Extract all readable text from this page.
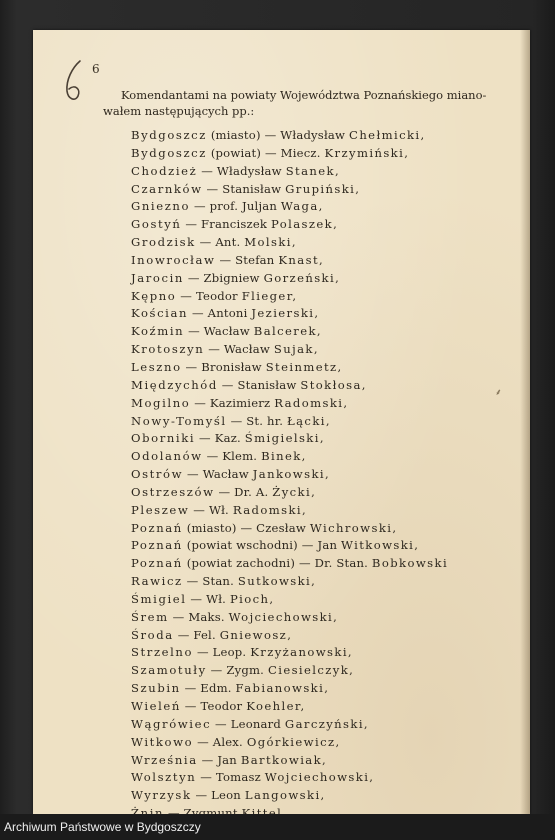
6

Komendantami na powiaty Województwa Poznańskiego miano-
wałem następujących pp.:

Bydgoszcz (miasto) — Władysław Chełmicki,
Bydgoszcz (powiat) — Miecz. Krzymiński,
Chodzież — Władysław Stanek,
Czarnków — Stanisław Grupiński,
Gniezno — prof. Juljan Waga,
Gostyń — Franciszek Polaszek,
Grodzisk — Ant. Molski,
Inowrocław — Stefan Knast,
Jarocin — Zbigniew Gorzeński,
Kępno — Teodor Flieger,
Kościan — Antoni Jezierski,
Koźmin — Wacław Balcerek,
Krotoszyn — Wacław Sujak,
Leszno — Bronisław Steinmetz,
Międzychód — Stanisław Stokłosa,
Mogilno — Kazimierz Radomski,
Nowy-Tomyśl — St. hr. Łącki,
Oborniki — Kaz. Śmigielski,
Odolanów — Klem. Binek,
Ostrów — Wacław Jankowski,
Ostrzeszów — Dr. A. Życki,
Pleszew — Wł. Radomski,
Poznań (miasto) — Czesław Wichrowski,
Poznań (powiat wschodni) — Jan Witkowski,
Poznań (powiat zachodni) — Dr. Stan. Bobkowski
Rawicz — Stan. Sutkowski,
Śmigiel — Wł. Pioch,
Śrem — Maks. Wojciechowski,
Środa — Fel. Gniewosz,
Strzelno — Leop. Krzyżanowski,
Szamotuły — Zygm. Ciesielczyk,
Szubin — Edm. Fabianowski,
Wieleń — Teodor Koehler,
Wągrówiec — Leonard Garczyński,
Witkowo — Alex. Ogórkiewicz,
Września — Jan Bartkowiak,
Wolsztyn — Tomasz Wojciechowski,
Wyrzysk — Leon Langowski,
⸙
Archiwum Państwowe w Bydgoszczy
